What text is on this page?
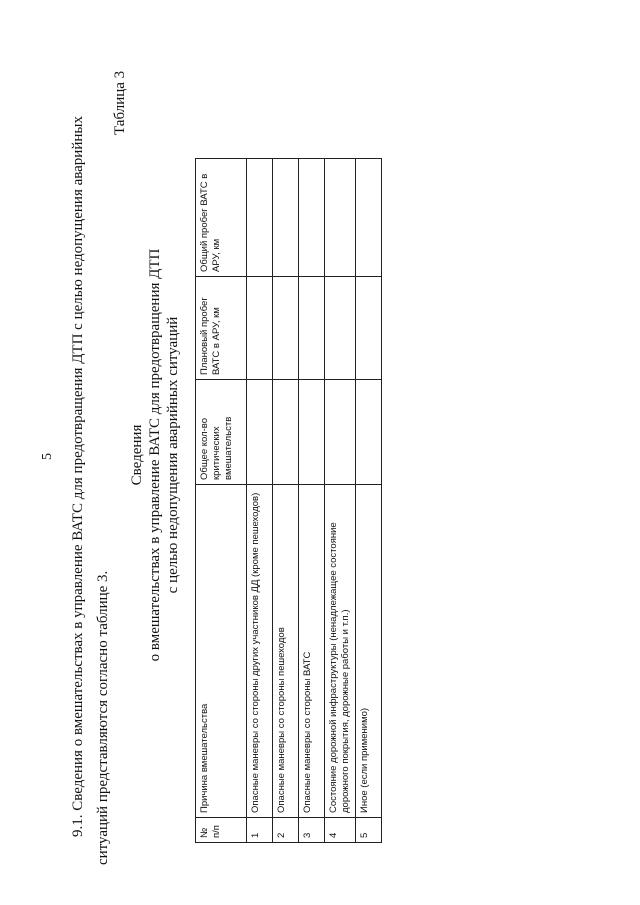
5 9.1. Сведения о вмешательствах в управление ВАТС для предотвращения ДТП с целью недопущения аварийных ситуаций представляются согласно таблице 3.
Таблица 3
Сведения о вмешательствах в управление ВАТС для предотвращения ДТП с целью недопущения аварийных ситуаций
№ п/п	Причина вмешательства	Общее кол-во критических вмешательств	Плановый пробег ВАТС в АРУ, км	Общий пробег ВАТС в АРУ, км
1	Опасные маневры со стороны других участников ДД (кроме пешеходов)			
2	Опасные маневры со стороны пешеходов			
3	Опасные маневры со стороны ВАТС			
4	Состояние дорожной инфраструктуры (ненадлежащее состояние дорожного покрытия, дорожные работы и т.п.)			
5	Иное (если применимо)			
